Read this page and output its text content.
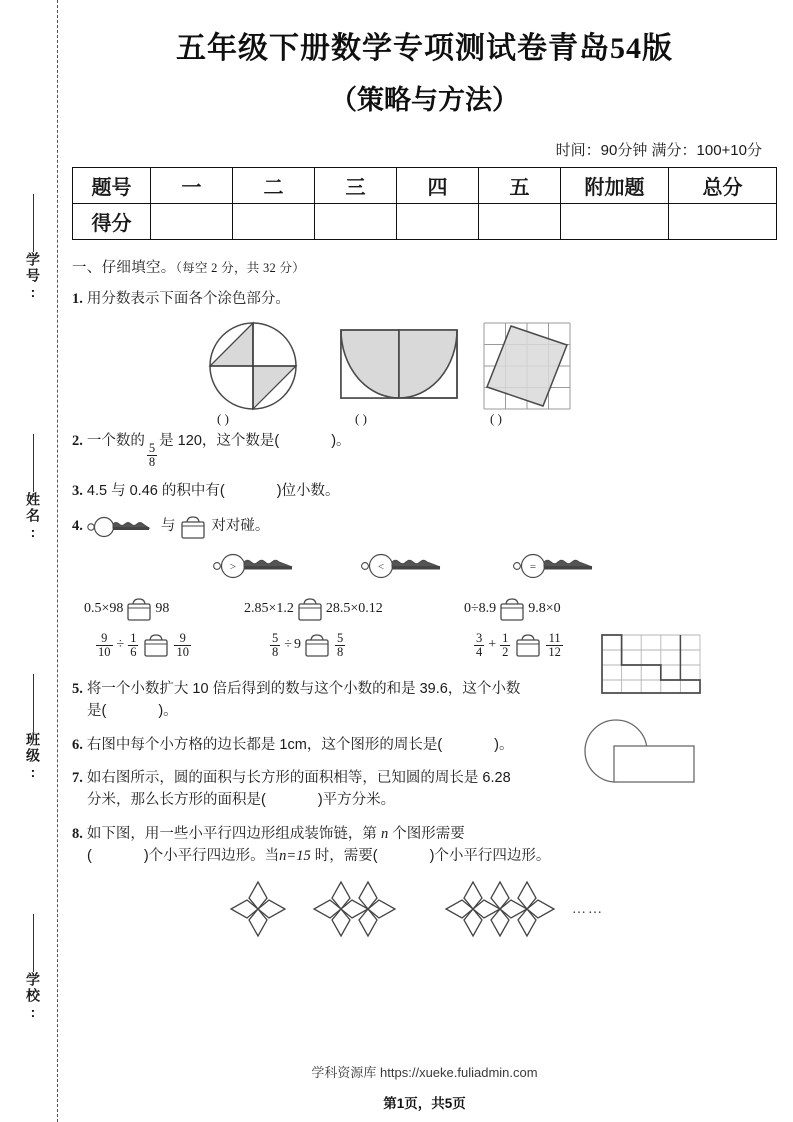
学号:
姓名:
班级:
学校:
五年级下册数学专项测试卷青岛54版
（策略与方法）
时间：90分钟 满分：100+10分
题号	一	二	三	四	五	附加题	总分
得分							
一、仔细填空。（每空 2 分，共 32 分）
1. 用分数表示下面各个涂色部分。
( )	( )	( )
2. 一个数的
$\frac{5}{8}$
是 120，这个数是(	)。
3. 4.5 与 0.46 的积中有(	)位小数。
4.	与 对对碰。
>	<	=
0.5×98 98	2.85×1.2 28.5×0.12	0÷8.9 9.8×0
$\frac{9}{10} \div \frac{1}{6}$	$\frac{9}{10}$	$\frac{5}{8} \div 9$	$\frac{5}{8}$	$\frac{3}{4} + \frac{1}{2}$	$\frac{11}{12}$
5. 将一个小数扩大 10 倍后得到的数与这个小数的和是 39.6，这个小数
是(	)。
6. 右图中每个小方格的边长都是 1cm，这个图形的周长是(	)。
7. 如右图所示，圆的面积与长方形的面积相等，已知圆的周长是 6.28
分米，那么长方形的面积是(	)平方分米。
8. 如下图，用一些小平行四边形组成装饰链，第 n 个图形需要
(	)个小平行四边形。当n=15 时，需要(	)个小平行四边形。
……
学科资源库 https://xueke.fuliadmin.com
第1页，共5页
